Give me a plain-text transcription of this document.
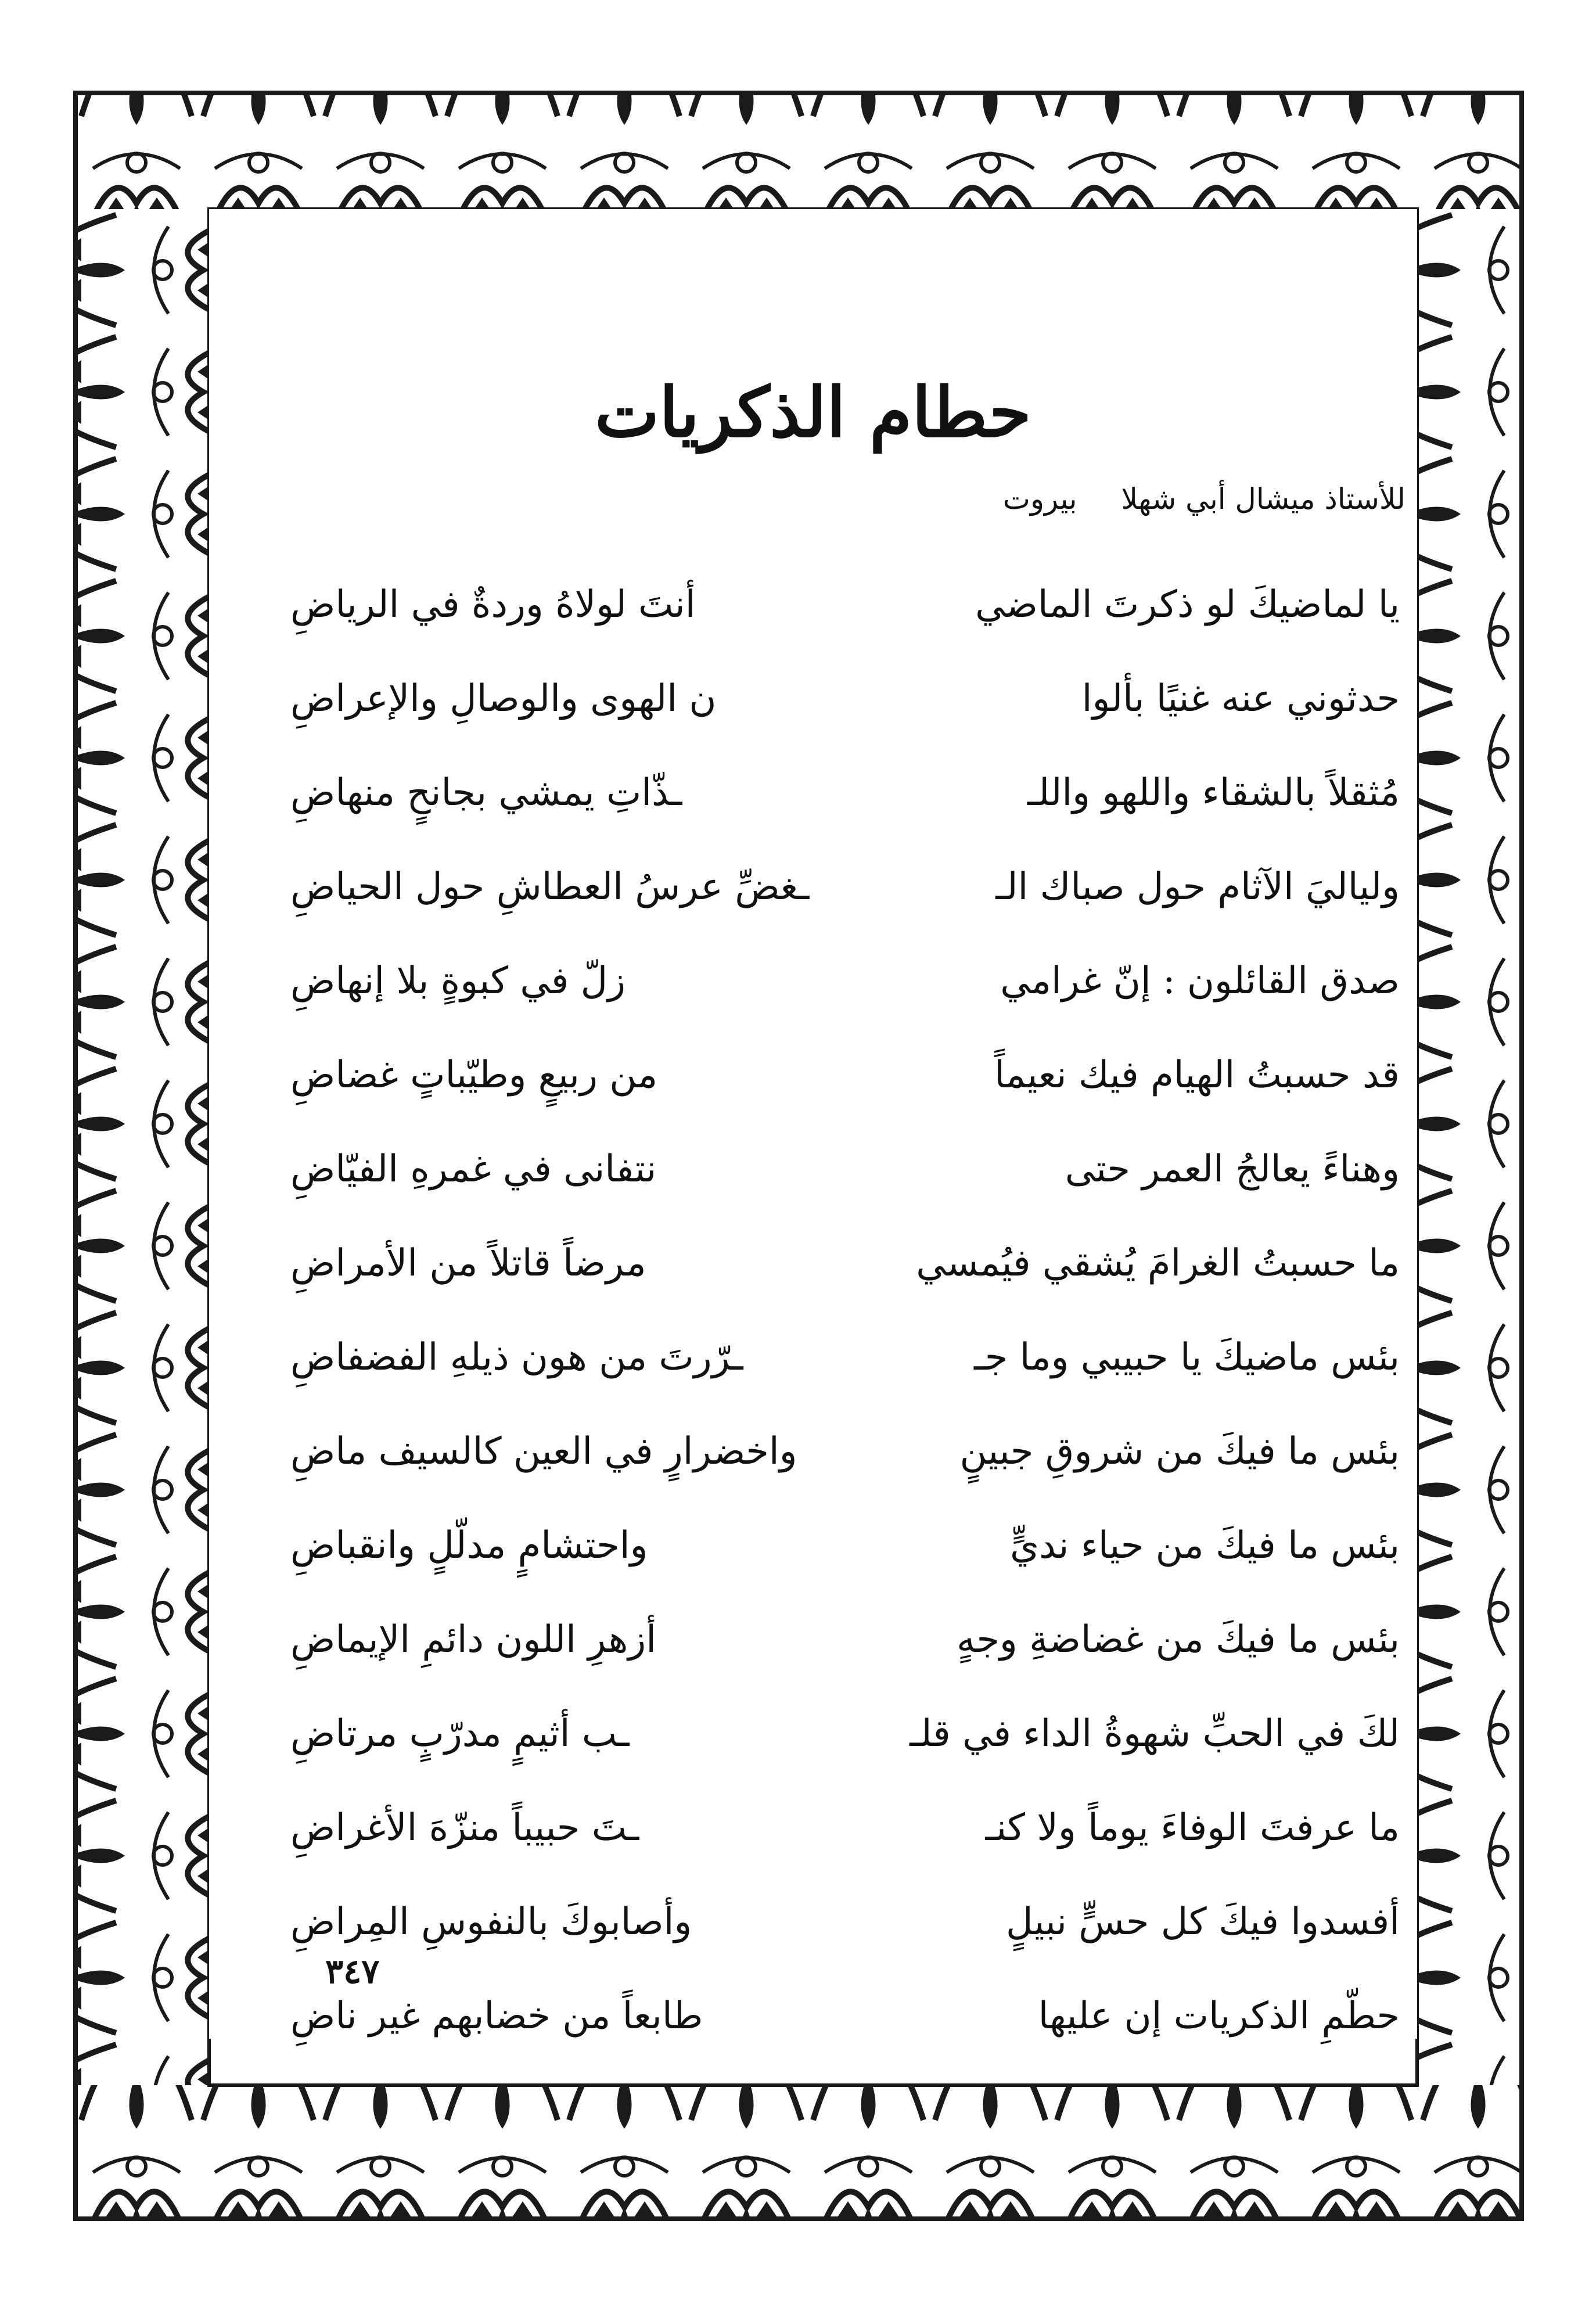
حطام الذكريات
للأستاذ ميشال أبي شهلا بيروت
يا لماضيكَ لو ذكرتَ الماضي
أنتَ لولاهُ وردةٌ في الرياضِ
حدثوني عنه غنيًا بألوا
ن الهوى والوصالِ والإعراضِ
مُثقلاً بالشقاء واللهو واللـ
ـذّاتِ يمشي بجانحٍ منهاضِ
ولياليَ الآثام حول صباك الـ
ـغضِّ عرسُ العطاشِ حول الحياضِ
صدق القائلون : إنّ غرامي
زلّ في كبوةٍ بلا إنهاضِ
قد حسبتُ الهيام فيك نعيماً
من ربيعٍ وطيّباتٍ غضاضِ
وهناءً يعالجُ العمر حتى
نتفانى في غمرهِ الفيّاضِ
ما حسبتُ الغرامَ يُشقي فيُمسي
مرضاً قاتلاً من الأمراضِ
بئس ماضيكَ يا حبيبي وما جـ
ـرّرتَ من هون ذيلهِ الفضفاضِ
بئس ما فيكَ من شروقِ جبينٍ
واخضرارٍ في العين كالسيف ماضِ
بئس ما فيكَ من حياء نديٍّ
واحتشامٍ مدلّلٍ وانقباضِ
بئس ما فيكَ من غضاضةِ وجهٍ
أزهرِ اللون دائمِ الإيماضِ
لكَ في الحبِّ شهوةُ الداء في قلـ
ـب أثيمٍ مدرّبٍ مرتاضِ
ما عرفتَ الوفاءَ يوماً ولا كنـ
ـتَ حبيباً منزّهَ الأغراضِ
أفسدوا فيكَ كل حسٍّ نبيلٍ
وأصابوكَ بالنفوسِ المِراضِ
حطّمِ الذكريات إن عليها
طابعاً من خضابهم غير ناضِ
٣٤٧
